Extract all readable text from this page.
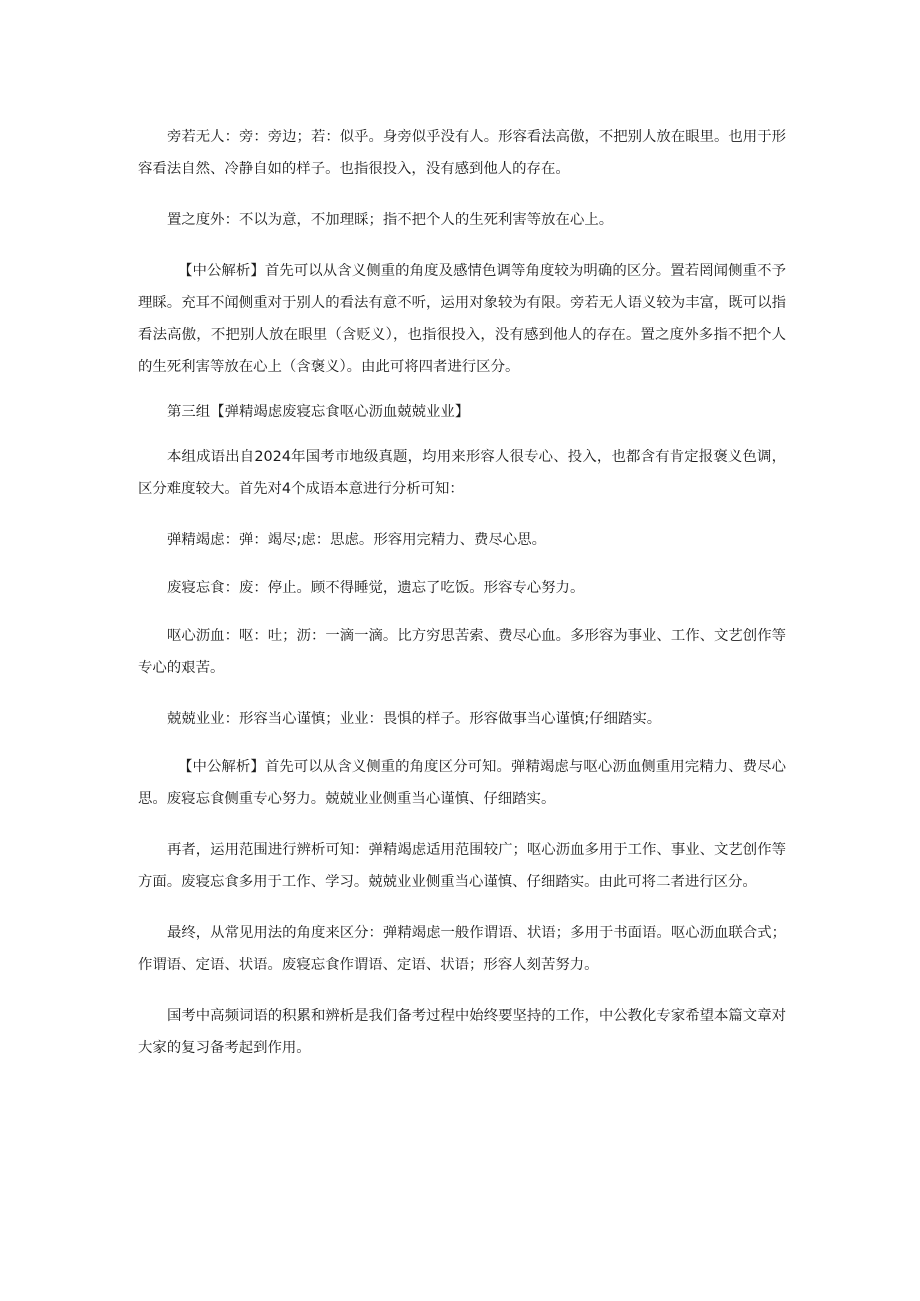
旁若无人：旁：旁边；若：似乎。身旁似乎没有人。形容看法高傲，不把别人放在眼里。也用于形容看法自然、冷静自如的样子。也指很投入，没有感到他人的存在。

置之度外：不以为意，不加理睬；指不把个人的生死利害等放在心上。

【中公解析】首先可以从含义侧重的角度及感情色调等角度较为明确的区分。置若罔闻侧重不予理睬。充耳不闻侧重对于别人的看法有意不听，运用对象较为有限。旁若无人语义较为丰富，既可以指看法高傲，不把别人放在眼里（含贬义），也指很投入，没有感到他人的存在。置之度外多指不把个人的生死利害等放在心上（含褒义）。由此可将四者进行区分。

第三组【弹精竭虑废寝忘食呕心沥血兢兢业业】

本组成语出自2024年国考市地级真题，均用来形容人很专心、投入，也都含有肯定报褒义色调，区分难度较大。首先对4个成语本意进行分析可知：

弹精竭虑：弹：竭尽;虑：思虑。形容用完精力、费尽心思。

废寝忘食：废：停止。顾不得睡觉，遗忘了吃饭。形容专心努力。

呕心沥血：呕：吐；沥：一滴一滴。比方穷思苦索、费尽心血。多形容为事业、工作、文艺创作等专心的艰苦。

兢兢业业：形容当心谨慎；业业：畏惧的样子。形容做事当心谨慎;仔细踏实。

【中公解析】首先可以从含义侧重的角度区分可知。弹精竭虑与呕心沥血侧重用完精力、费尽心思。废寝忘食侧重专心努力。兢兢业业侧重当心谨慎、仔细踏实。

再者，运用范围进行辨析可知：弹精竭虑适用范围较广；呕心沥血多用于工作、事业、文艺创作等方面。废寝忘食多用于工作、学习。兢兢业业侧重当心谨慎、仔细踏实。由此可将二者进行区分。

最终，从常见用法的角度来区分：弹精竭虑一般作谓语、状语；多用于书面语。呕心沥血联合式；作谓语、定语、状语。废寝忘食作谓语、定语、状语；形容人刻苦努力。

国考中高频词语的积累和辨析是我们备考过程中始终要坚持的工作，中公教化专家希望本篇文章对大家的复习备考起到作用。
